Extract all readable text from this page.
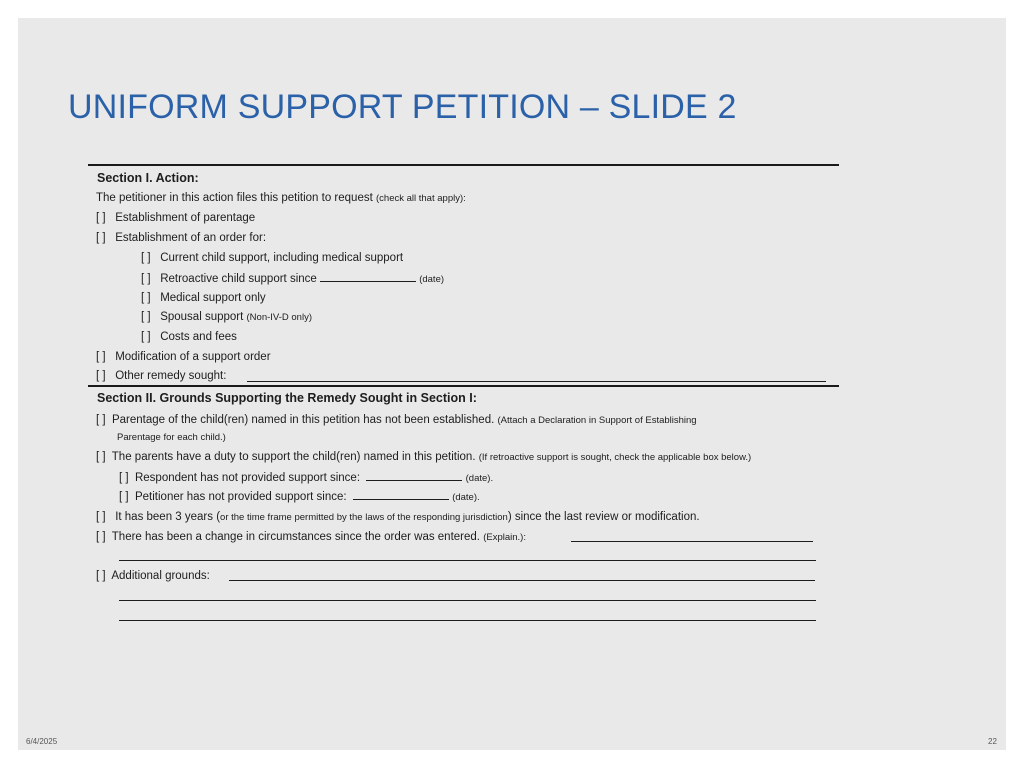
UNIFORM SUPPORT PETITION – SLIDE 2
Section I. Action:
The petitioner in this action files this petition to request (check all that apply):
[ ] Establishment of parentage
[ ] Establishment of an order for:
[ ] Current child support, including medical support
[ ] Retroactive child support since	(date)
[ ] Medical support only
[ ] Spousal support (Non-IV-D only)
[ ] Costs and fees
[ ] Modification of a support order
[ ] Other remedy sought:
Section II. Grounds Supporting the Remedy Sought in Section I:
[ ] Parentage of the child(ren) named in this petition has not been established. (Attach a Declaration in Support of Establishing
Parentage for each child.)
[ ] The parents have a duty to support the child(ren) named in this petition. (If retroactive support is sought, check the applicable box below.)
[ ] Respondent has not provided support since:	(date).
[ ] Petitioner has not provided support since:	(date).
[ ] It has been 3 years (or the time frame permitted by the laws of the responding jurisdiction) since the last review or modification.
[ ] There has been a change in circumstances since the order was entered. (Explain.):
[ ] Additional grounds:
6/4/2025	22
